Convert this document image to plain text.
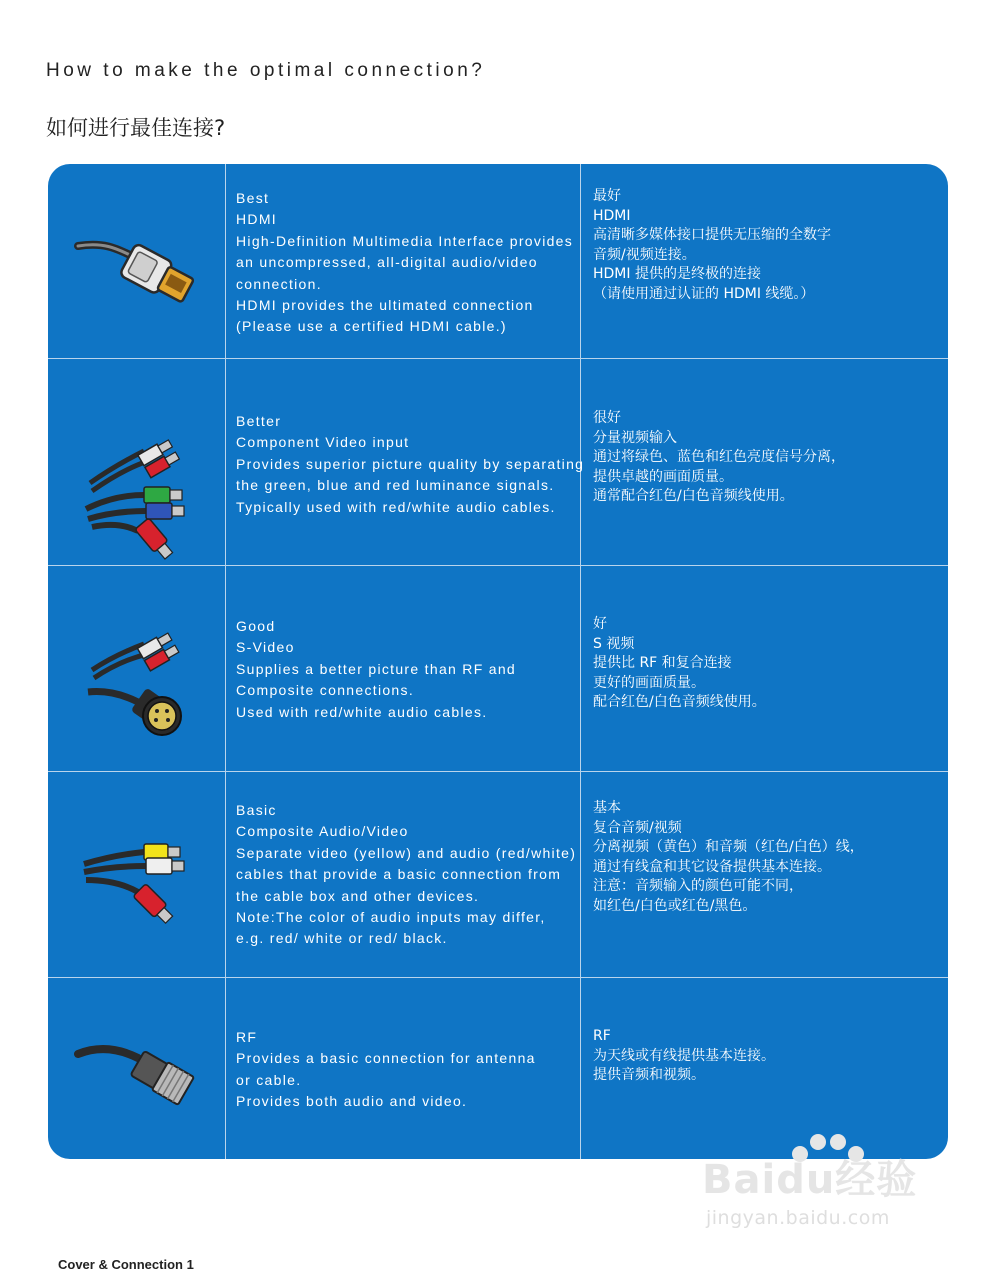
How to make the optimal connection?
如何进行最佳连接?
Best
HDMI
High-Definition Multimedia Interface provides
an uncompressed, all-digital audio/video
connection.
HDMI provides the ultimated connection
(Please use a certified HDMI cable.)
最好
HDMI
高清晰多媒体接口提供无压缩的全数字
音频/视频连接。
HDMI 提供的是终极的连接
（请使用通过认证的 HDMI 线缆。）
Better
Component Video input
Provides superior picture quality by separating
the green, blue and red luminance signals.
Typically used with red/white audio cables.
很好
分量视频输入
通过将绿色、蓝色和红色亮度信号分离，
提供卓越的画面质量。
通常配合红色/白色音频线使用。
Good
S-Video
Supplies a better picture than RF and
Composite connections.
Used with red/white audio cables.
好
S 视频
提供比 RF 和复合连接
更好的画面质量。
配合红色/白色音频线使用。
Basic
Composite Audio/Video
Separate video (yellow) and audio (red/white)
cables that provide a basic connection from
the cable box and other devices.
Note:The color of audio inputs may differ,
e.g. red/ white or red/ black.
基本
复合音频/视频
分离视频（黄色）和音频（红色/白色）线，
通过有线盒和其它设备提供基本连接。
注意：音频输入的颜色可能不同，
如红色/白色或红色/黑色。
RF
Provides a basic connection for antenna
or cable.
Provides both audio and video.
RF
为天线或有线提供基本连接。
提供音频和视频。
Baidu经验
jingyan.baidu.com

Cover & Connection 1
